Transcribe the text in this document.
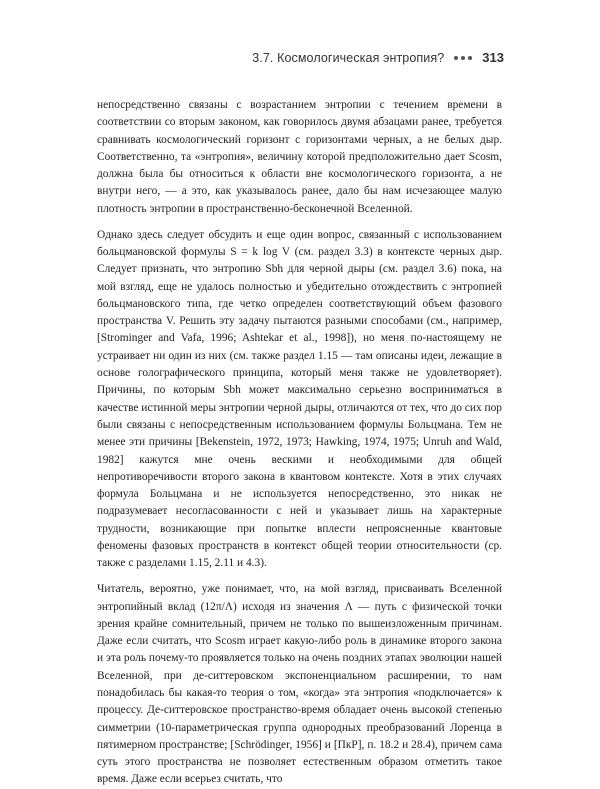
3.7. Космологическая энтропия?	313

непосредственно связаны с возрастанием энтропии с течением времени в соответствии со вторым законом, как говорилось двумя абзацами ранее, требуется сравнивать космологический горизонт с горизонтами черных, а не белых дыр. Соответственно, та «энтропия», величину которой предположительно дает Scosm, должна была бы относиться к области вне космологического горизонта, а не внутри него, — а это, как указывалось ранее, дало бы нам исчезающее малую плотность энтропии в пространственно-бесконечной Вселенной.

Однако здесь следует обсудить и еще один вопрос, связанный с использованием больцмановской формулы S = k log V (см. раздел 3.3) в контексте черных дыр. Следует признать, что энтропию Sbh для черной дыры (см. раздел 3.6) пока, на мой взгляд, еще не удалось полностью и убедительно отождествить с энтропией больцмановского типа, где четко определен соответствующий объем фазового пространства V. Решить эту задачу пытаются разными способами (см., например, [Strominger and Vafa, 1996; Ashtekar et al., 1998]), но меня по-настоящему не устраивает ни один из них (см. также раздел 1.15 — там описаны идеи, лежащие в основе голографического принципа, который меня также не удовлетворяет). Причины, по которым Sbh может максимально серьезно восприниматься в качестве истинной меры энтропии черной дыры, отличаются от тех, что до сих пор были связаны с непосредственным использованием формулы Больцмана. Тем не менее эти причины [Bekenstein, 1972, 1973; Hawking, 1974, 1975; Unruh and Wald, 1982] кажутся мне очень вескими и необходимыми для общей непротиворечивости второго закона в квантовом контексте. Хотя в этих случаях формула Больцмана и не используется непосредственно, это никак не подразумевает несогласованности с ней и указывает лишь на характерные трудности, возникающие при попытке вплести непроясненные квантовые феномены фазовых пространств в контекст общей теории относительности (ср. также с разделами 1.15, 2.11 и 4.3).

Читатель, вероятно, уже понимает, что, на мой взгляд, присваивать Вселенной энтропийный вклад (12π/Λ) исходя из значения Λ — путь с физической точки зрения крайне сомнительный, причем не только по вышеизложенным причинам. Даже если считать, что Scosm играет какую-либо роль в динамике второго закона и эта роль почему-то проявляется только на очень поздних этапах эволюции нашей Вселенной, при де-ситтеровском экспоненциальном расширении, то нам понадобилась бы какая-то теория о том, «когда» эта энтропия «подключается» к процессу. Де-ситтеровское пространство-время обладает очень высокой степенью симметрии (10-параметрическая группа однородных преобразований Лоренца в пятимерном пространстве; [Schrödinger, 1956] и [ПкР], п. 18.2 и 28.4), причем сама суть этого пространства не позволяет естественным образом отметить такое время. Даже если всерьез считать, что
